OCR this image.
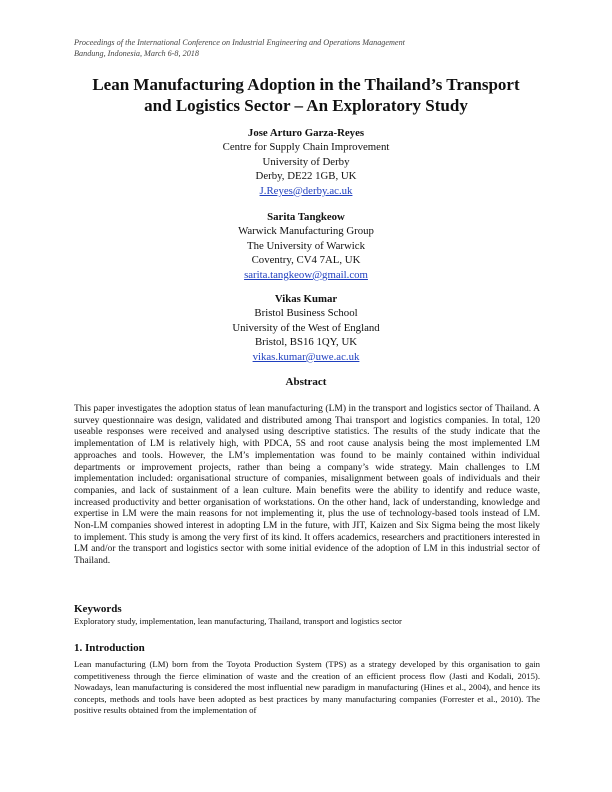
Proceedings of the International Conference on Industrial Engineering and Operations Management
Bandung, Indonesia, March 6-8, 2018
Lean Manufacturing Adoption in the Thailand’s Transport
and Logistics Sector – An Exploratory Study
Jose Arturo Garza-Reyes
Centre for Supply Chain Improvement
University of Derby
Derby, DE22 1GB, UK
J.Reyes@derby.ac.uk
Sarita Tangkeow
Warwick Manufacturing Group
The University of Warwick
Coventry, CV4 7AL, UK
sarita.tangkeow@gmail.com
Vikas Kumar
Bristol Business School
University of the West of England
Bristol, BS16 1QY, UK
vikas.kumar@uwe.ac.uk
Abstract

This paper investigates the adoption status of lean manufacturing (LM) in the transport and logistics sector of Thailand. A survey questionnaire was design, validated and distributed among Thai transport and logistics companies. In total, 120 useable responses were received and analysed using descriptive statistics. The results of the study indicate that the implementation of LM is relatively high, with PDCA, 5S and root cause analysis being the most implemented LM approaches and tools. However, the LM’s implementation was found to be mainly contained within individual departments or improvement projects, rather than being a company’s wide strategy. Main challenges to LM implementation included: organisational structure of companies, misalignment between goals of individuals and their companies, and lack of sustainment of a lean culture. Main benefits were the ability to identify and reduce waste, increased productivity and better organisation of workstations. On the other hand, lack of understanding, knowledge and expertise in LM were the main reasons for not implementing it, plus the use of technology-based tools instead of LM. Non-LM companies showed interest in adopting LM in the future, with JIT, Kaizen and Six Sigma being the most likely to implement. This study is among the very first of its kind. It offers academics, researchers and practitioners interested in LM and/or the transport and logistics sector with some initial evidence of the adoption of LM in this industrial sector of Thailand.

Keywords
Exploratory study, implementation, lean manufacturing, Thailand, transport and logistics sector
1. Introduction

Lean manufacturing (LM) born from the Toyota Production System (TPS) as a strategy developed by this organisation to gain competitiveness through the fierce elimination of waste and the creation of an efficient process flow (Jasti and Kodali, 2015). Nowadays, lean manufacturing is considered the most influential new paradigm in manufacturing (Hines et al., 2004), and hence its concepts, methods and tools have been adopted as best practices by many manufacturing companies (Forrester et al., 2010). The positive results obtained from the implementation of
